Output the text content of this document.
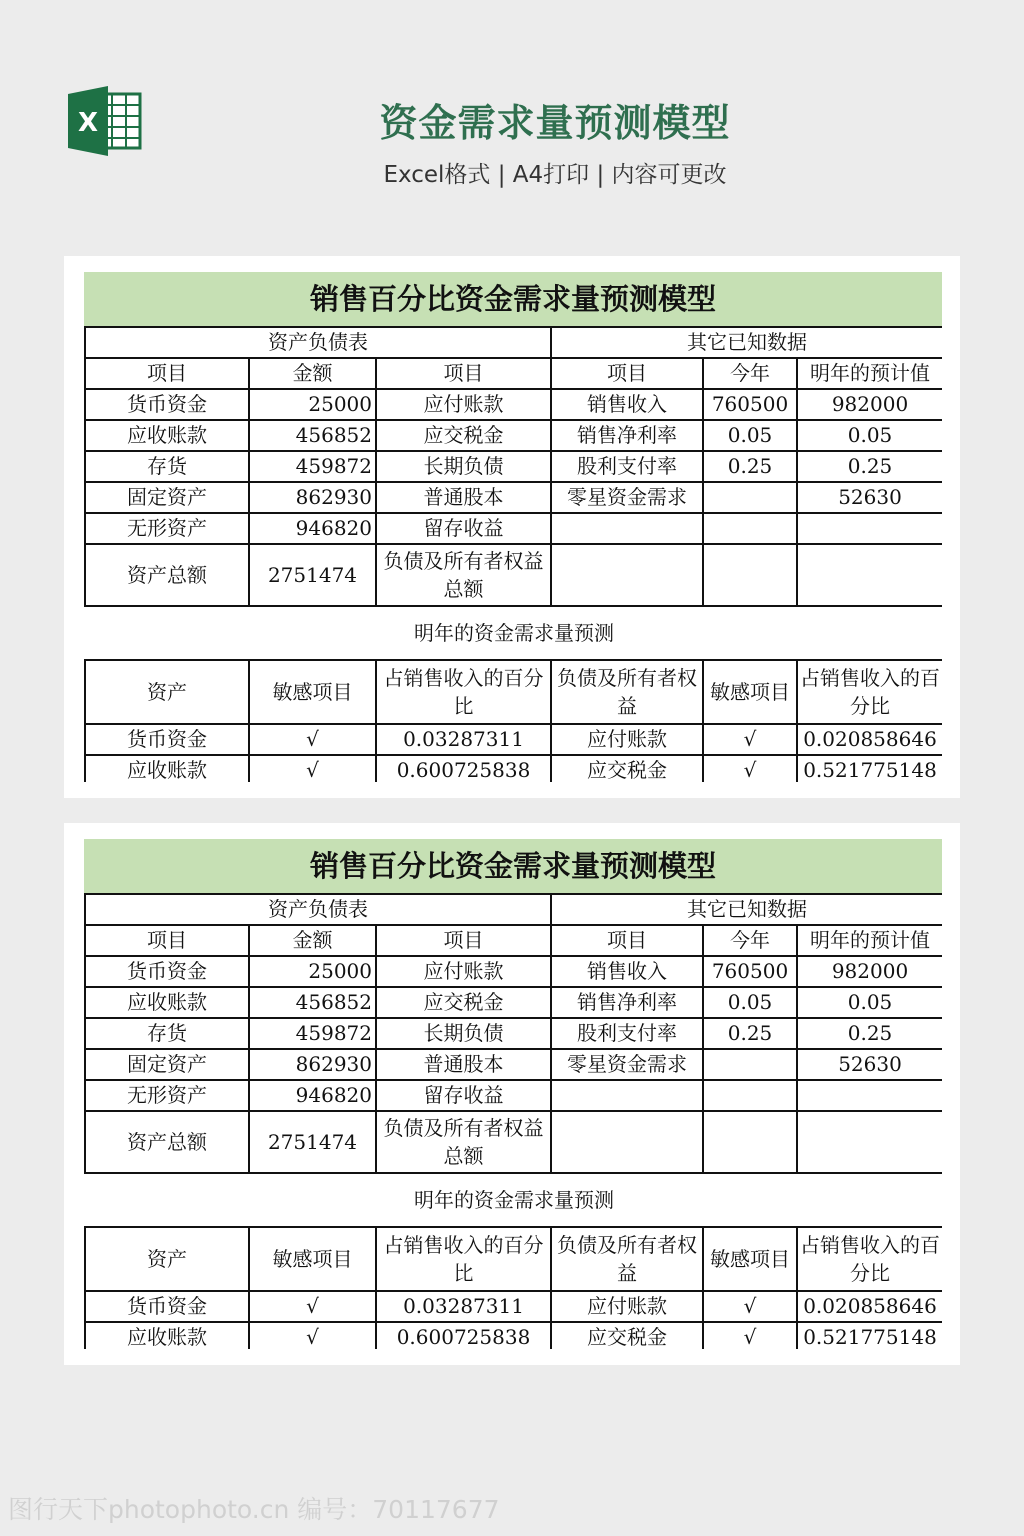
X	资金需求量预测模型
Excel格式 | A4打印 | 内容可更改
销售百分比资金需求量预测模型
资产负债表			其它已知数据		
项目	金额	项目	项目	今年	明年的预计值
货币资金	25000	应付账款	销售收入	760500	982000
应收账款	456852	应交税金	销售净利率	0.05	0.05
存货	459872	长期负债	股利支付率	0.25	0.25
固定资产	862930	普通股本	零星资金需求		52630
无形资产	946820	留存收益			
资产总额	2751474	负债及所有者权益总额			
明年的资金需求量预测					
资产	敏感项目	占销售收入的百分比	负债及所有者权益	敏感项目	占销售收入的百分比
货币资金	√	0.03287311	应付账款	√	0.020858646
应收账款	√	0.600725838	应交税金	√	0.521775148
销售百分比资金需求量预测模型
资产负债表			其它已知数据		
项目	金额	项目	项目	今年	明年的预计值
货币资金	25000	应付账款	销售收入	760500	982000
应收账款	456852	应交税金	销售净利率	0.05	0.05
存货	459872	长期负债	股利支付率	0.25	0.25
固定资产	862930	普通股本	零星资金需求		52630
无形资产	946820	留存收益			
资产总额	2751474	负债及所有者权益总额			
明年的资金需求量预测					
资产	敏感项目	占销售收入的百分比	负债及所有者权益	敏感项目	占销售收入的百分比
货币资金	√	0.03287311	应付账款	√	0.020858646
应收账款	√	0.600725838	应交税金	√	0.521775148
图行天下photophoto.cn 编号：70117677
